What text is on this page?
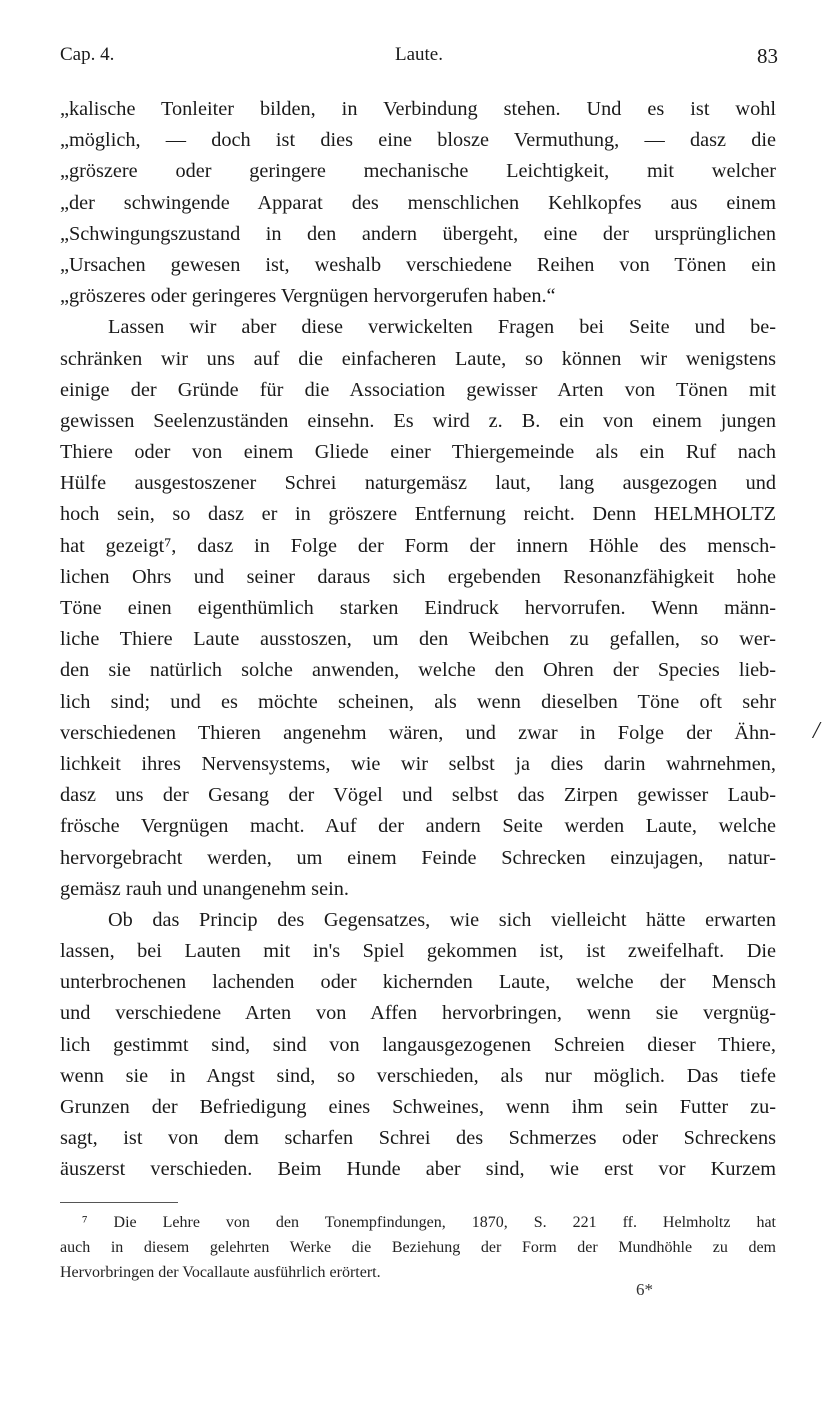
Cap. 4.	Laute.	83
„kalische Tonleiter bilden, in Verbindung stehen. Und es ist wohl
„möglich, — doch ist dies eine blosze Vermuthung, — dasz die
„gröszere oder geringere mechanische Leichtigkeit, mit welcher
„der schwingende Apparat des menschlichen Kehlkopfes aus einem
„Schwingungszustand in den andern übergeht, eine der ursprünglichen
„Ursachen gewesen ist, weshalb verschiedene Reihen von Tönen ein
„gröszeres oder geringeres Vergnügen hervorgerufen haben.“
Lassen wir aber diese verwickelten Fragen bei Seite und be-
schränken wir uns auf die einfacheren Laute, so können wir wenigstens
einige der Gründe für die Association gewisser Arten von Tönen mit
gewissen Seelenzuständen einsehn. Es wird z. B. ein von einem jungen
Thiere oder von einem Gliede einer Thiergemeinde als ein Ruf nach
Hülfe ausgestoszener Schrei naturgemäsz laut, lang ausgezogen und
hoch sein, so dasz er in gröszere Entfernung reicht. Denn HELMHOLTZ
hat gezeigt⁷, dasz in Folge der Form der innern Höhle des mensch-
lichen Ohrs und seiner daraus sich ergebenden Resonanzfähigkeit hohe
Töne einen eigenthümlich starken Eindruck hervorrufen. Wenn männ-
liche Thiere Laute ausstoszen, um den Weibchen zu gefallen, so wer-
den sie natürlich solche anwenden, welche den Ohren der Species lieb-
lich sind; und es möchte scheinen, als wenn dieselben Töne oft sehr
verschiedenen Thieren angenehm wären, und zwar in Folge der Ähn-
lichkeit ihres Nervensystems, wie wir selbst ja dies darin wahrnehmen,
dasz uns der Gesang der Vögel und selbst das Zirpen gewisser Laub-
frösche Vergnügen macht. Auf der andern Seite werden Laute, welche
hervorgebracht werden, um einem Feinde Schrecken einzujagen, natur-
gemäsz rauh und unangenehm sein.
Ob das Princip des Gegensatzes, wie sich vielleicht hätte erwarten
lassen, bei Lauten mit in's Spiel gekommen ist, ist zweifelhaft. Die
unterbrochenen lachenden oder kichernden Laute, welche der Mensch
und verschiedene Arten von Affen hervorbringen, wenn sie vergnüg-
lich gestimmt sind, sind von langausgezogenen Schreien dieser Thiere,
wenn sie in Angst sind, so verschieden, als nur möglich. Das tiefe
Grunzen der Befriedigung eines Schweines, wenn ihm sein Futter zu-
sagt, ist von dem scharfen Schrei des Schmerzes oder Schreckens
äuszerst verschieden. Beim Hunde aber sind, wie erst vor Kurzem
/
⁷ Die Lehre von den Tonempfindungen, 1870, S. 221 ff. Helmholtz hat
auch in diesem gelehrten Werke die Beziehung der Form der Mundhöhle zu dem
Hervorbringen der Vocallaute ausführlich erörtert.
6*
